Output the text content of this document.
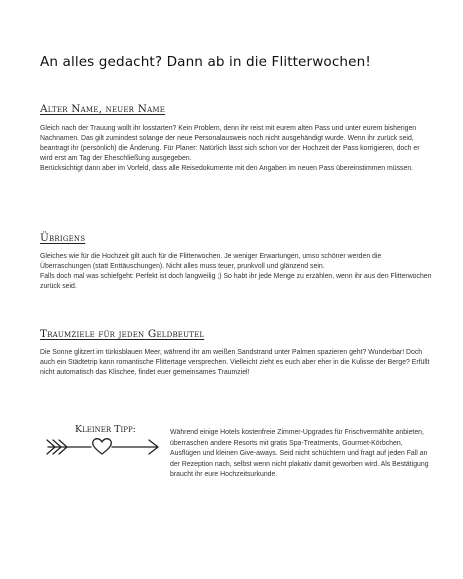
An alles gedacht? Dann ab in die Flitterwochen!
Alter Name, neuer Name

Gleich nach der Trauung wollt ihr losstarten? Kein Problem, denn ihr reist mit eurem alten Pass und unter eurem bisherigen Nachnamen. Das gilt zumindest solange der neue Personalausweis noch nicht ausgehändigt wurde. Wenn ihr zurück seid, beantragt ihr (persönlich) die Änderung. Für Planer: Natürlich lässt sich schon vor der Hochzeit der Pass korrigieren, doch er wird erst am Tag der Eheschließung ausgegeben.

Berücksichtigt dann aber im Vorfeld, dass alle Reisedokumente mit den Angaben im neuen Pass übereinstimmen müssen.

Übrigens

Gleiches wie für die Hochzeit gilt auch für die Flitterwochen. Je weniger Erwartungen, umso schöner werden die Überraschungen (statt Enttäuschungen). Nicht alles muss teuer, prunkvoll und glänzend sein.

Falls doch mal was schiefgeht: Perfekt ist doch langweilig ;) So habt ihr jede Menge zu erzählen, wenn ihr aus den Flitterwochen zurück seid.

Traumziele für jeden Geldbeutel

Die Sonne glitzert im türkisblauen Meer, während ihr am weißen Sandstrand unter Palmen spazieren geht? Wunderbar! Doch auch ein Städtetrip kann romantische Flittertage versprechen. Vielleicht zieht es euch aber eher in die Kulisse der Berge? Erfüllt nicht automatisch das Klischee, findet euer gemeinsames Traumziel!

Kleiner Tipp:	Während einige Hotels kostenfreie Zimmer-Upgrades für Frischvermählte anbieten, überraschen andere Resorts mit gratis Spa-Treatments, Gourmet-Körbchen, Ausflügen und kleinen Give-aways. Seid nicht schüchtern und fragt auf jeden Fall an der Rezeption nach, selbst wenn nicht plakativ damit geworben wird. Als Bestätigung braucht ihr eure Hochzeitsurkunde.
